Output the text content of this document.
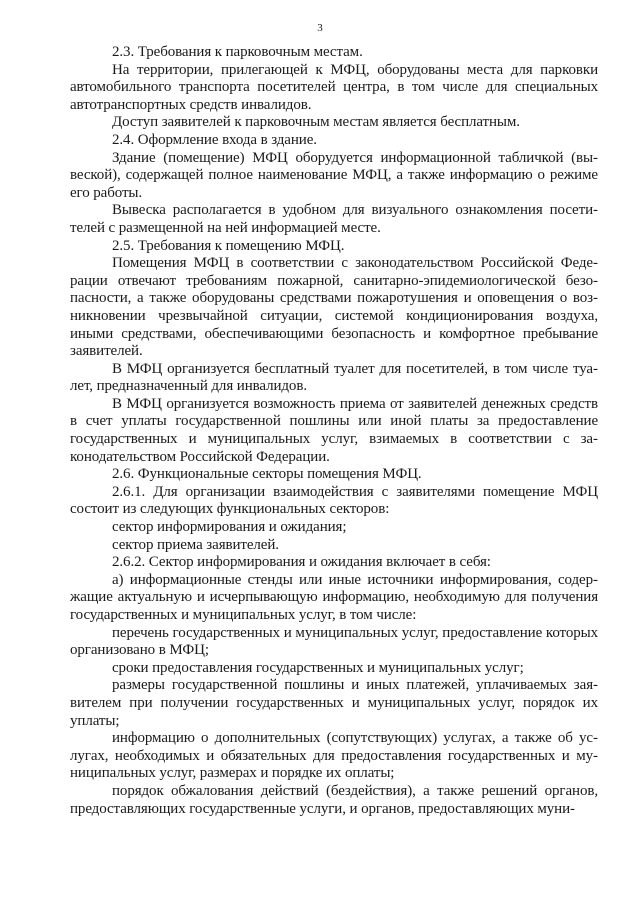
3

2.3. Требования к парковочным местам.

На территории, прилегающей к МФЦ, оборудованы места для парковки автомобильного транспорта посетителей центра, в том числе для специальных автотранспортных средств инвалидов.

Доступ заявителей к парковочным местам является бесплатным.

2.4. Оформление входа в здание.

Здание (помещение) МФЦ оборудуется информационной табличкой (вывеской), содержащей полное наименование МФЦ, а также информацию о режиме его работы.

Вывеска располагается в удобном для визуального ознакомления посетителей с размещенной на ней информацией месте.

2.5. Требования к помещению МФЦ.

Помещения МФЦ в соответствии с законодательством Российской Федерации отвечают требованиям пожарной, санитарно-эпидемиологической безопасности, а также оборудованы средствами пожаротушения и оповещения о возникновении чрезвычайной ситуации, системой кондиционирования воздуха, иными средствами, обеспечивающими безопасность и комфортное пребывание заявителей.

В МФЦ организуется бесплатный туалет для посетителей, в том числе туалет, предназначенный для инвалидов.

В МФЦ организуется возможность приема от заявителей денежных средств в счет уплаты государственной пошлины или иной платы за предоставление государственных и муниципальных услуг, взимаемых в соответствии с законодательством Российской Федерации.

2.6. Функциональные секторы помещения МФЦ.

2.6.1. Для организации взаимодействия с заявителями помещение МФЦ состоит из следующих функциональных секторов:

сектор информирования и ожидания;

сектор приема заявителей.

2.6.2. Сектор информирования и ожидания включает в себя:

а) информационные стенды или иные источники информирования, содержащие актуальную и исчерпывающую информацию, необходимую для получения государственных и муниципальных услуг, в том числе:

перечень государственных и муниципальных услуг, предоставление которых организовано в МФЦ;

сроки предоставления государственных и муниципальных услуг;

размеры государственной пошлины и иных платежей, уплачиваемых заявителем при получении государственных и муниципальных услуг, порядок их уплаты;

информацию о дополнительных (сопутствующих) услугах, а также об услугах, необходимых и обязательных для предоставления государственных и муниципальных услуг, размерах и порядке их оплаты;

порядок обжалования действий (бездействия), а также решений органов, предоставляющих государственные услуги, и органов, предоставляющих муни-
